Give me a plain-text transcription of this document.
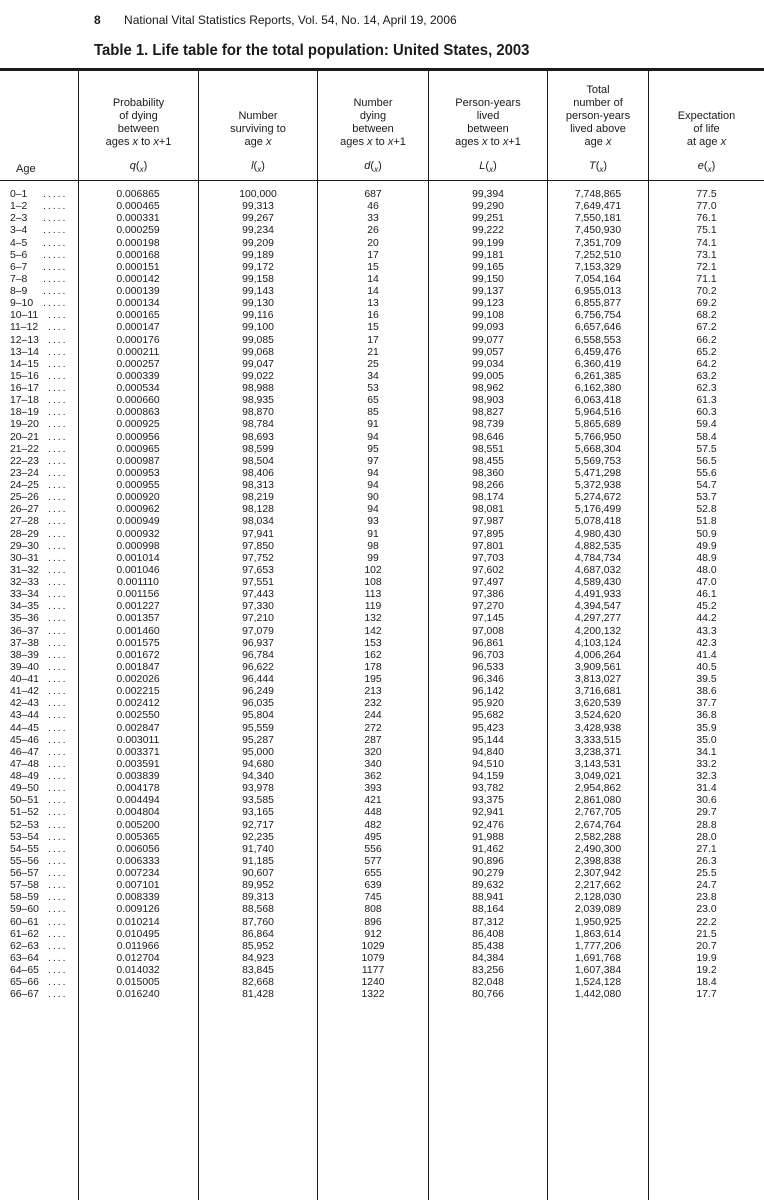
8 National Vital Statistics Reports, Vol. 54, No. 14, April 19, 2006
Table 1. Life table for the total population: United States, 2003
Age
Probability
of dying
between
ages x to x+1
$q(_x)$
Number
surviving to
age x
$l(_x)$
Number
dying
between
ages x to x+1
$d(_x)$
Person-years
lived
between
ages x to x+1
$L(_x)$
Total
number of
person-years
lived above
age x
$T(_x)$
Expectation
of life
at age x
$e(_x)$
0–1 .....	0.006865	100,000	687	99,394	7,748,865	77.5
1–2 .....	0.000465	99,313	46	99,290	7,649,471	77.0
2–3 .....	0.000331	99,267	33	99,251	7,550,181	76.1
3–4 .....	0.000259	99,234	26	99,222	7,450,930	75.1
4–5 .....	0.000198	99,209	20	99,199	7,351,709	74.1
5–6 .....	0.000168	99,189	17	99,181	7,252,510	73.1
6–7 .....	0.000151	99,172	15	99,165	7,153,329	72.1
7–8 .....	0.000142	99,158	14	99,150	7,054,164	71.1
8–9 .....	0.000139	99,143	14	99,137	6,955,013	70.2
9–10 .....	0.000134	99,130	13	99,123	6,855,877	69.2
10–11 ....	0.000165	99,116	16	99,108	6,756,754	68.2
11–12 ....	0.000147	99,100	15	99,093	6,657,646	67.2
12–13 ....	0.000176	99,085	17	99,077	6,558,553	66.2
13–14 ....	0.000211	99,068	21	99,057	6,459,476	65.2
14–15 ....	0.000257	99,047	25	99,034	6,360,419	64.2
15–16 ....	0.000339	99,022	34	99,005	6,261,385	63.2
16–17 ....	0.000534	98,988	53	98,962	6,162,380	62.3
17–18 ....	0.000660	98,935	65	98,903	6,063,418	61.3
18–19 ....	0.000863	98,870	85	98,827	5,964,516	60.3
19–20 ....	0.000925	98,784	91	98,739	5,865,689	59.4
20–21 ....	0.000956	98,693	94	98,646	5,766,950	58.4
21–22 ....	0.000965	98,599	95	98,551	5,668,304	57.5
22–23 ....	0.000987	98,504	97	98,455	5,569,753	56.5
23–24 ....	0.000953	98,406	94	98,360	5,471,298	55.6
24–25 ....	0.000955	98,313	94	98,266	5,372,938	54.7
25–26 ....	0.000920	98,219	90	98,174	5,274,672	53.7
26–27 ....	0.000962	98,128	94	98,081	5,176,499	52.8
27–28 ....	0.000949	98,034	93	97,987	5,078,418	51.8
28–29 ....	0.000932	97,941	91	97,895	4,980,430	50.9
29–30 ....	0.000998	97,850	98	97,801	4,882,535	49.9
30–31 ....	0.001014	97,752	99	97,703	4,784,734	48.9
31–32 ....	0.001046	97,653	102	97,602	4,687,032	48.0
32–33 ....	0.001110	97,551	108	97,497	4,589,430	47.0
33–34 ....	0.001156	97,443	113	97,386	4,491,933	46.1
34–35 ....	0.001227	97,330	119	97,270	4,394,547	45.2
35–36 ....	0.001357	97,210	132	97,145	4,297,277	44.2
36–37 ....	0.001460	97,079	142	97,008	4,200,132	43.3
37–38 ....	0.001575	96,937	153	96,861	4,103,124	42.3
38–39 ....	0.001672	96,784	162	96,703	4,006,264	41.4
39–40 ....	0.001847	96,622	178	96,533	3,909,561	40.5
40–41 ....	0.002026	96,444	195	96,346	3,813,027	39.5
41–42 ....	0.002215	96,249	213	96,142	3,716,681	38.6
42–43 ....	0.002412	96,035	232	95,920	3,620,539	37.7
43–44 ....	0.002550	95,804	244	95,682	3,524,620	36.8
44–45 ....	0.002847	95,559	272	95,423	3,428,938	35.9
45–46 ....	0.003011	95,287	287	95,144	3,333,515	35.0
46–47 ....	0.003371	95,000	320	94,840	3,238,371	34.1
47–48 ....	0.003591	94,680	340	94,510	3,143,531	33.2
48–49 ....	0.003839	94,340	362	94,159	3,049,021	32.3
49–50 ....	0.004178	93,978	393	93,782	2,954,862	31.4
50–51 ....	0.004494	93,585	421	93,375	2,861,080	30.6
51–52 ....	0.004804	93,165	448	92,941	2,767,705	29.7
52–53 ....	0.005200	92,717	482	92,476	2,674,764	28.8
53–54 ....	0.005365	92,235	495	91,988	2,582,288	28.0
54–55 ....	0.006056	91,740	556	91,462	2,490,300	27.1
55–56 ....	0.006333	91,185	577	90,896	2,398,838	26.3
56–57 ....	0.007234	90,607	655	90,279	2,307,942	25.5
57–58 ....	0.007101	89,952	639	89,632	2,217,662	24.7
58–59 ....	0.008339	89,313	745	88,941	2,128,030	23.8
59–60 ....	0.009126	88,568	808	88,164	2,039,089	23.0
60–61 ....	0.010214	87,760	896	87,312	1,950,925	22.2
61–62 ....	0.010495	86,864	912	86,408	1,863,614	21.5
62–63 ....	0.011966	85,952	1029	85,438	1,777,206	20.7
63–64 ....	0.012704	84,923	1079	84,384	1,691,768	19.9
64–65 ....	0.014032	83,845	1177	83,256	1,607,384	19.2
65–66 ....	0.015005	82,668	1240	82,048	1,524,128	18.4
66–67 ....	0.016240	81,428	1322	80,766	1,442,080	17.7
